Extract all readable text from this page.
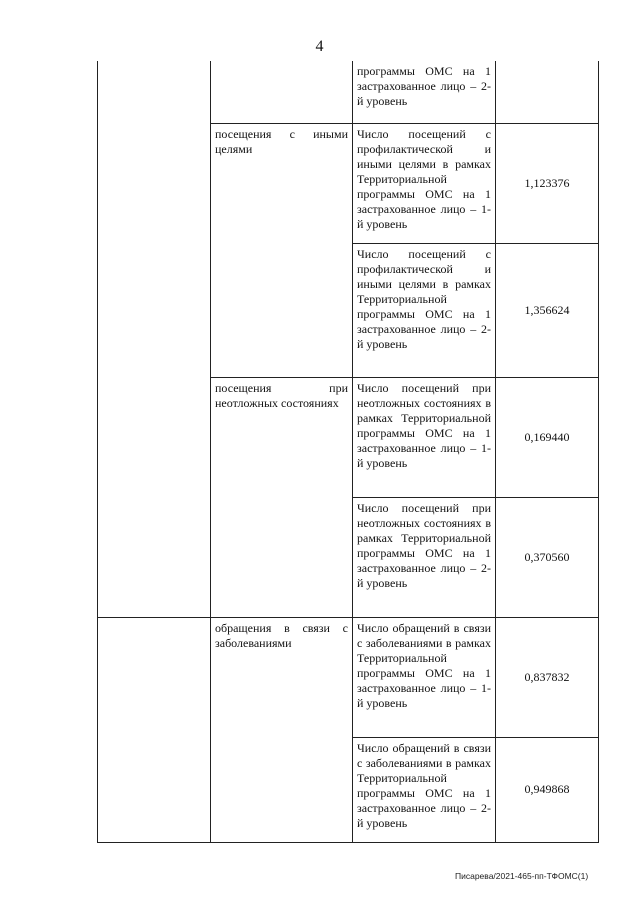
4
		программы ОМС на 1 застрахованное лицо – 2-й уровень	
	посещения с иными целями	Число посещений с профилактической и иными целями в рамках Территориальной программы ОМС на 1 застрахованное лицо – 1-й уровень	1,123376
		Число посещений с профилактической и иными целями в рамках Территориальной программы ОМС на 1 застрахованное лицо – 2-й уровень	1,356624
	посещения при неотложных состояниях	Число посещений при неотложных состояниях в рамках Территориальной программы ОМС на 1 застрахованное лицо – 1-й уровень	0,169440
		Число посещений при неотложных состояниях в рамках Территориальной программы ОМС на 1 застрахованное лицо – 2-й уровень	0,370560
	обращения в связи с заболеваниями	Число обращений в связи с заболеваниями в рамках Территориальной программы ОМС на 1 застрахованное лицо – 1-й уровень	0,837832
		Число обращений в связи с заболеваниями в рамках Территориальной программы ОМС на 1 застрахованное лицо – 2-й уровень	0,949868
Писарева/2021-465-пп-ТФОМС(1)
